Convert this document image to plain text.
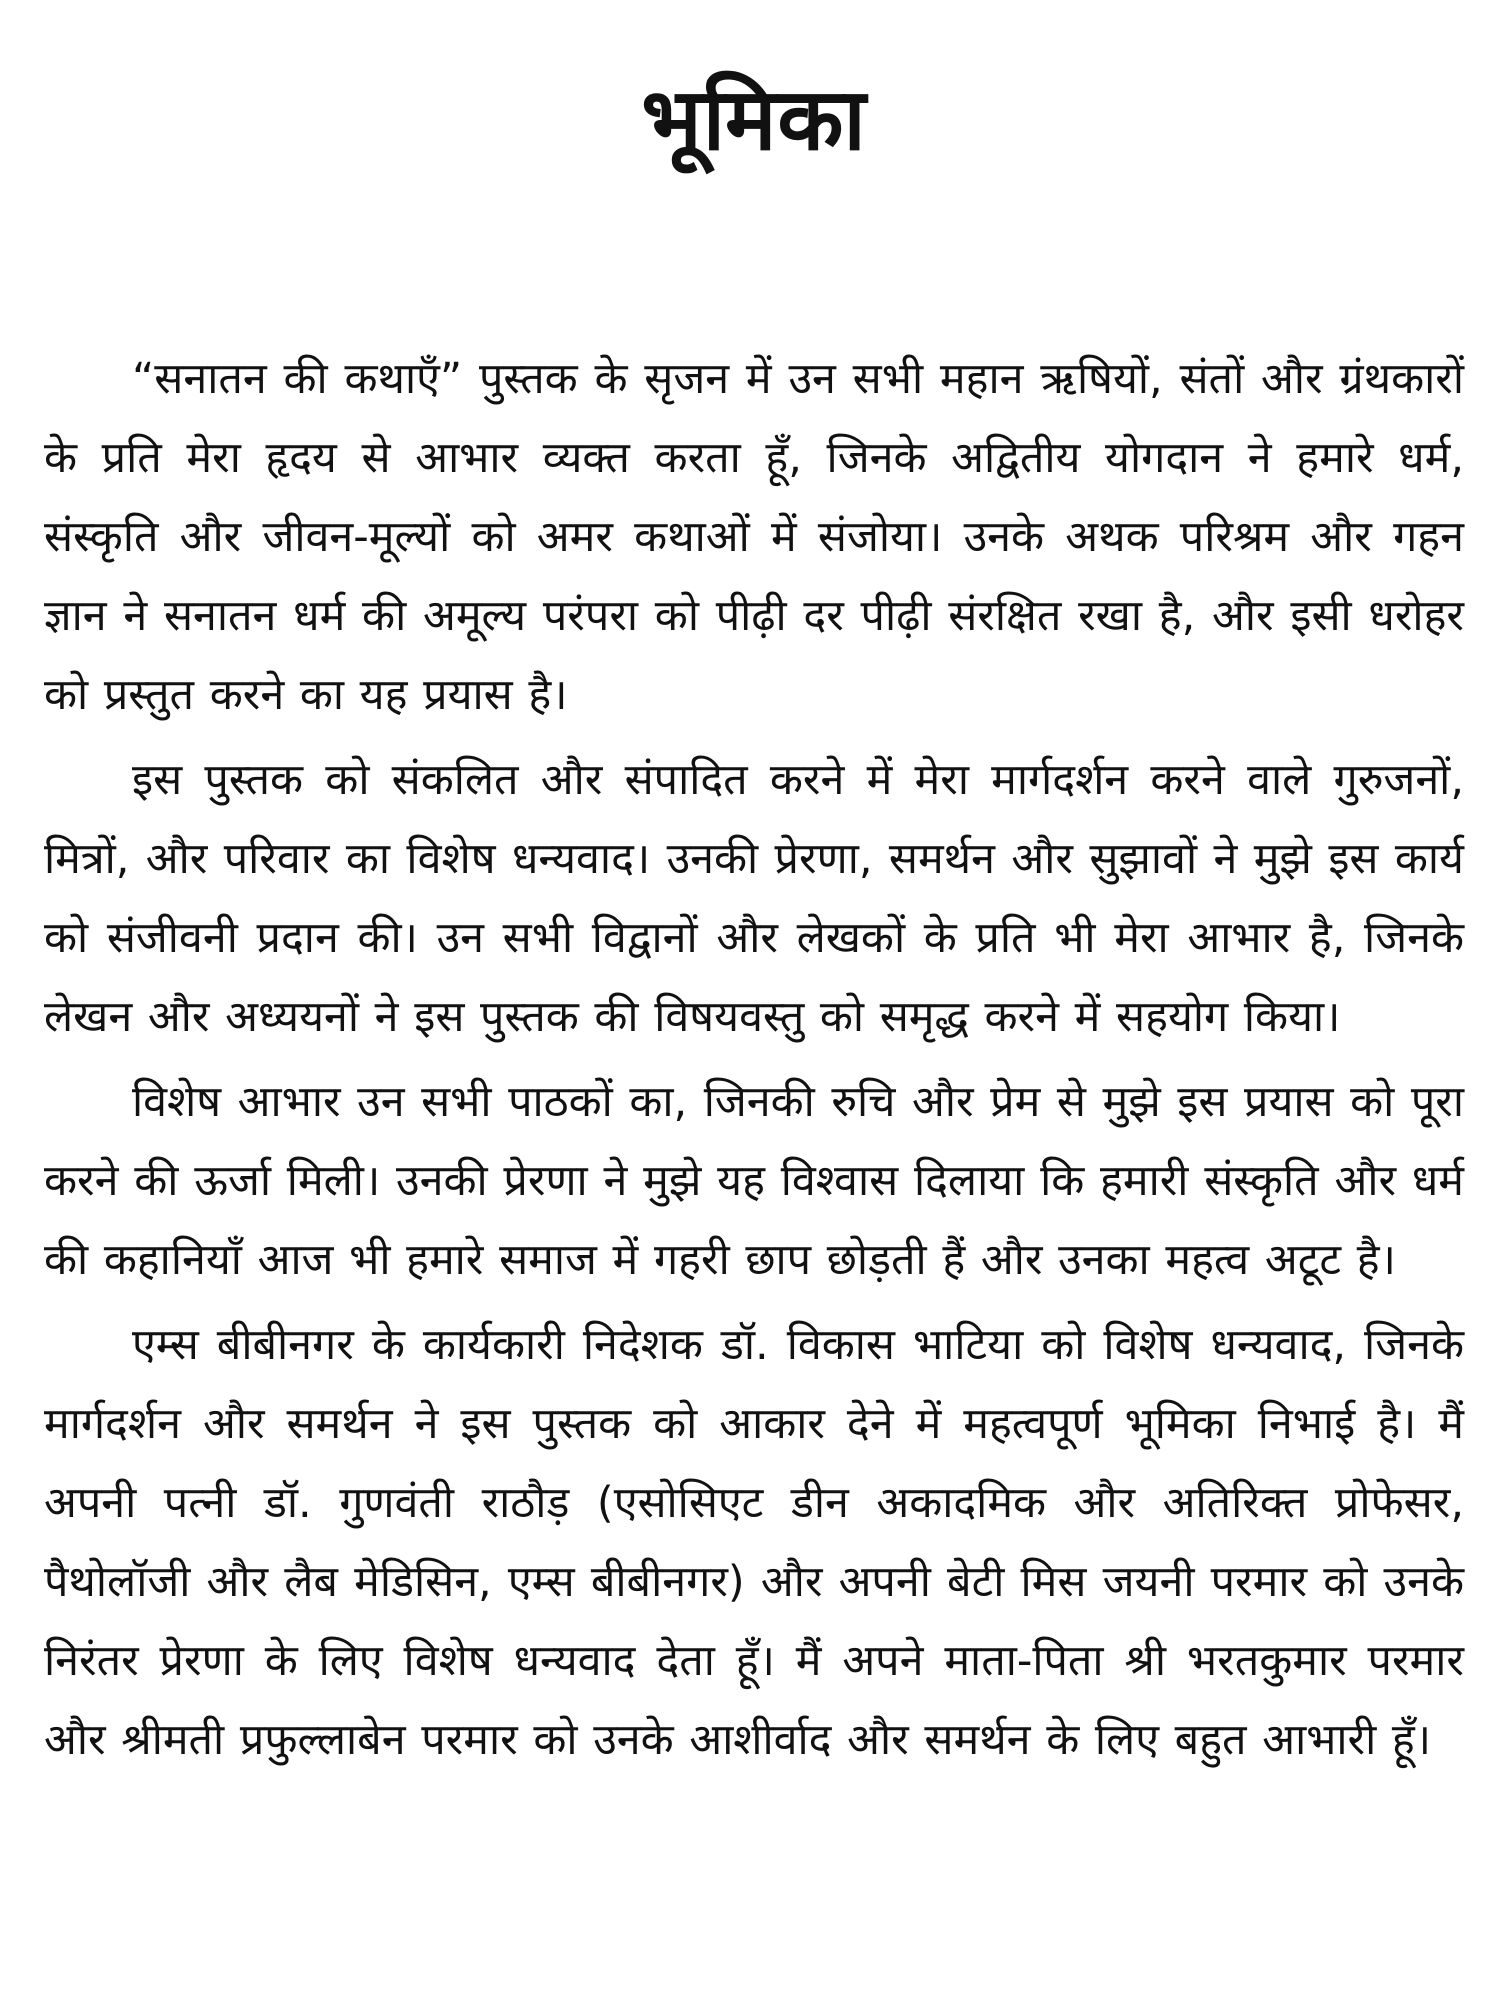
भूमिका

“सनातन की कथाएँ” पुस्तक के सृजन में उन सभी महान ऋषियों, संतों और ग्रंथकारों के प्रति मेरा हृदय से आभार व्यक्त करता हूँ, जिनके अद्वितीय योगदान ने हमारे धर्म, संस्कृति और जीवन-मूल्यों को अमर कथाओं में संजोया। उनके अथक परिश्रम और गहन ज्ञान ने सनातन धर्म की अमूल्य परंपरा को पीढ़ी दर पीढ़ी संरक्षित रखा है, और इसी धरोहर को प्रस्तुत करने का यह प्रयास है।

इस पुस्तक को संकलित और संपादित करने में मेरा मार्गदर्शन करने वाले गुरुजनों, मित्रों, और परिवार का विशेष धन्यवाद। उनकी प्रेरणा, समर्थन और सुझावों ने मुझे इस कार्य को संजीवनी प्रदान की। उन सभी विद्वानों और लेखकों के प्रति भी मेरा आभार है, जिनके लेखन और अध्ययनों ने इस पुस्तक की विषयवस्तु को समृद्ध करने में सहयोग किया।

विशेष आभार उन सभी पाठकों का, जिनकी रुचि और प्रेम से मुझे इस प्रयास को पूरा करने की ऊर्जा मिली। उनकी प्रेरणा ने मुझे यह विश्वास दिलाया कि हमारी संस्कृति और धर्म की कहानियाँ आज भी हमारे समाज में गहरी छाप छोड़ती हैं और उनका महत्व अटूट है।

एम्स बीबीनगर के कार्यकारी निदेशक डॉ. विकास भाटिया को विशेष धन्यवाद, जिनके मार्गदर्शन और समर्थन ने इस पुस्तक को आकार देने में महत्वपूर्ण भूमिका निभाई है। मैं अपनी पत्नी डॉ. गुणवंती राठौड़ (एसोसिएट डीन अकादमिक और अतिरिक्त प्रोफेसर, पैथोलॉजी और लैब मेडिसिन, एम्स बीबीनगर) और अपनी बेटी मिस जयनी परमार को उनके निरंतर प्रेरणा के लिए विशेष धन्यवाद देता हूँ। मैं अपने माता-पिता श्री भरतकुमार परमार और श्रीमती प्रफुल्लाबेन परमार को उनके आशीर्वाद और समर्थन के लिए बहुत आभारी हूँ।
